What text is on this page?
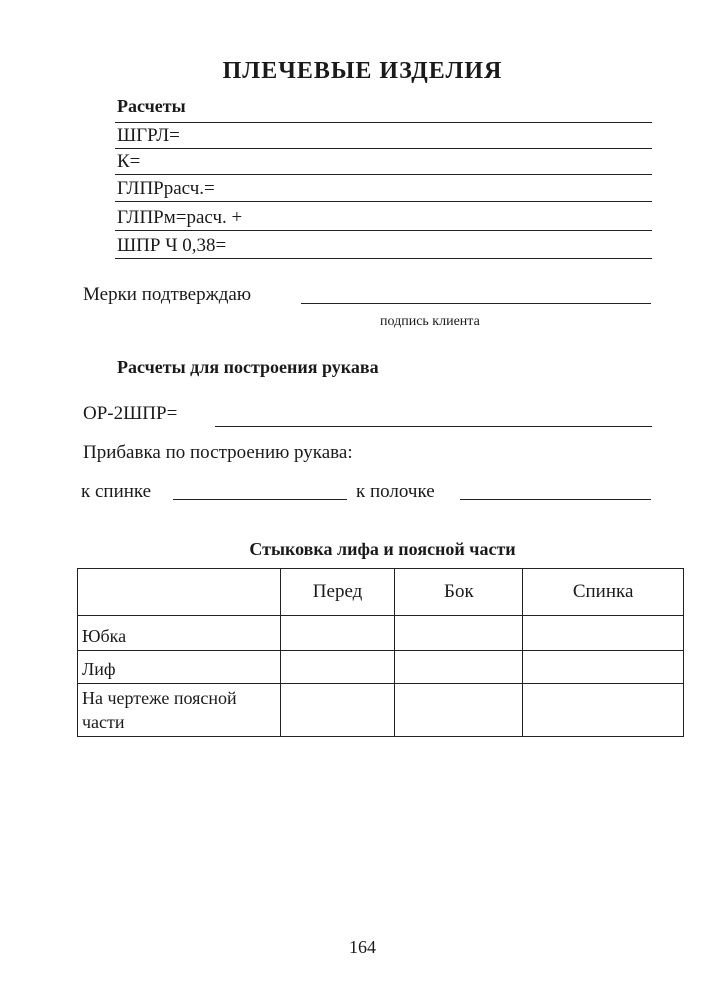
ПЛЕЧЕВЫЕ ИЗДЕЛИЯ
Расчеты
ШГРЛ=
К=
ГЛПРрасч.=
ГЛПРм=расч. +
ШПР Ч 0,38=
Мерки подтверждаю
подпись клиента
Расчеты для построения рукава
ОР-2ШПР=
Прибавка по построению рукава:
к спинке	к полочке
Стыковка лифа и поясной части
	Перед	Бок	Спинка
Юбка			
Лиф			
На чертеже поясной части			
164
